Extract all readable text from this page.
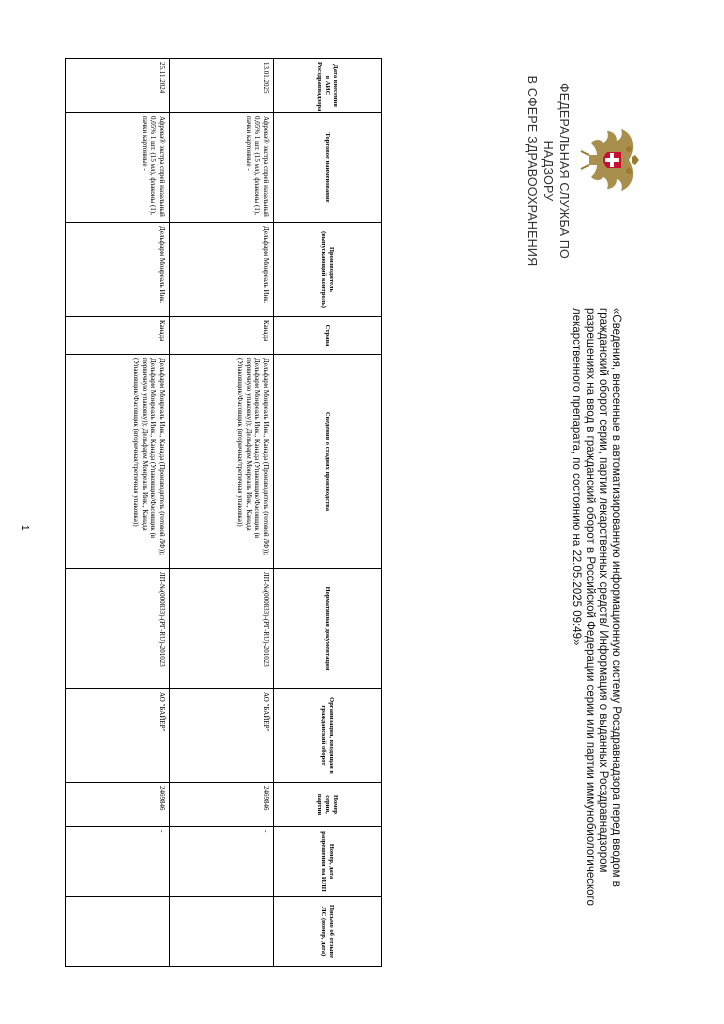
ФЕДЕРАЛЬНАЯ СЛУЖБА ПО НАДЗОРУ
В СФЕРЕ ЗДРАВООХРАНЕНИЯ
«Сведения, внесенные в автоматизированную информационную систему Росздравнадзора перед вводом в гражданский оборот серии, партии лекарственных средств/ Информация о выданных Росздравнадзором разрешениях на ввод в гражданский оборот в Российской Федерации серии или партии иммунобиологического лекарственного препарата, по состоянию на 22.05.2025 09:49»
Дата внесения в АИС Росздравнадзора	Торговое наименование	Производитель (выпускающий контроль)	Страна	Сведения о стадиях производства	Нормативная документация	Организация, вводящая в гражданский оборот	Номер серии, партии	Номер, дата разрешения на ИЛП	Письмо об отзыве ЛС (номер, дата)
13.01.2025	Афрева® экстра спрей назальный 0,05% 1 шт. (15 мл), флаконы (1), пачки картонные -	Дельфарм Монреаль Инк.	Канада	Дельфарм Монреаль Инк., Канада (Производитель (готовой ЛФ)); Дельфарм Монреаль Инк., Канада (Упаковщик/Фасовщик (в первичную упаковку)); Дельфарм Монреаль Инк., Канада (Упаковщик/Фасовщик (вторичная/третичная упаковка))	ЛП-№(000833)-(РГ-RU)-201023	АО "БАЙЕР"	2469846	-	
25.11.2024	Афрева® экстра спрей назальный 0,05% 1 шт. (15 мл), флаконы (1), пачки картонные -	Дельфарм Монреаль Инк.	Канада	Дельфарм Монреаль Инк., Канада (Производитель (готовой ЛФ)); Дельфарм Монреаль Инк., Канада (Упаковщик/Фасовщик (в первичную упаковку)); Дельфарм Монреаль Инк., Канада (Упаковщик/Фасовщик (вторичная/третичная упаковка))	ЛП-№(000833)-(РГ-RU)-201023	АО "БАЙЕР"	2469846	-	
1
